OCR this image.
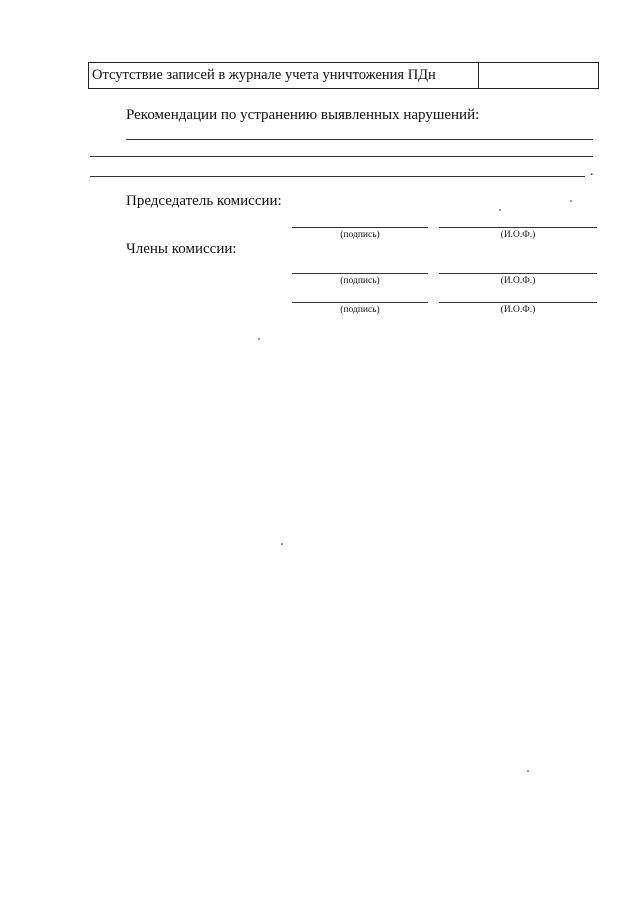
Отсутствие записей в журнале учета уничтожения ПДн
Рекомендации по устранению выявленных нарушений:
.
Председатель комиссии:
(подпись)	(И.О.Ф.)
Члены комиссии:
(подпись)	(И.О.Ф.)
(подпись)	(И.О.Ф.)
